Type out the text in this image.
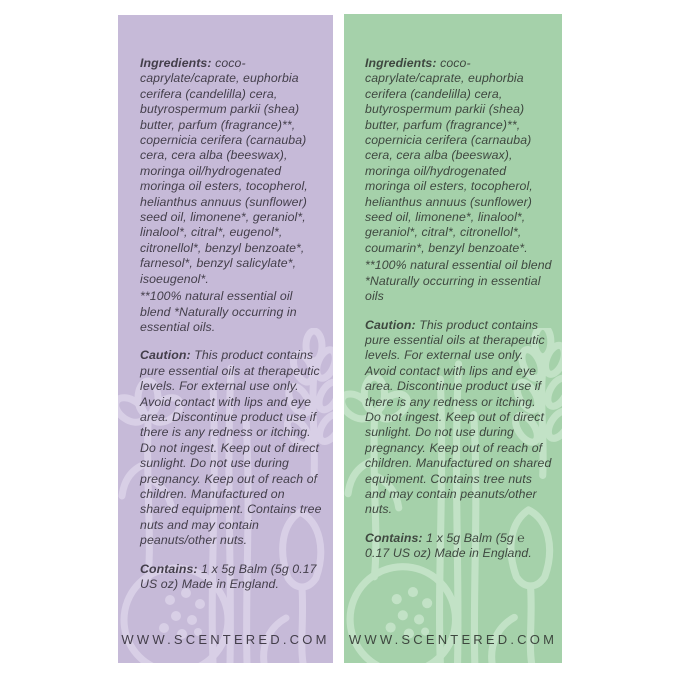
Ingredients: coco-caprylate/caprate, euphorbia cerifera (candelilla) cera, butyrospermum parkii (shea) butter, parfum (fragrance)**, copernicia cerifera (carnauba) cera, cera alba (beeswax), moringa oil/hydrogenated moringa oil esters, tocopherol, helianthus annuus (sunflower) seed oil, limonene*, geraniol*, linalool*, citral*, eugenol*, citronellol*, benzyl benzoate*, farnesol*, benzyl salicylate*, isoeugenol*.

**100% natural essential oil blend *Naturally occurring in essential oils.

Caution: This product contains pure essential oils at therapeutic levels. For external use only. Avoid contact with lips and eye area. Discontinue product use if there is any redness or itching. Do not ingest. Keep out of direct sunlight. Do not use during pregnancy. Keep out of reach of children. Manufactured on shared equipment. Contains tree nuts and may contain peanuts/other nuts.

Contains: 1 x 5g Balm (5g 0.17 US oz) Made in England.

WWW.SCENTERED.COM

Ingredients: coco-caprylate/caprate, euphorbia cerifera (candelilla) cera, butyrospermum parkii (shea) butter, parfum (fragrance)**, copernicia cerifera (carnauba) cera, cera alba (beeswax), moringa oil/hydrogenated moringa oil esters, tocopherol, helianthus annuus (sunflower) seed oil, limonene*, linalool*, geraniol*, citral*, citronellol*, coumarin*, benzyl benzoate*.

**100% natural essential oil blend *Naturally occurring in essential oils

Caution: This product contains pure essential oils at therapeutic levels. For external use only. Avoid contact with lips and eye area. Discontinue product use if there is any redness or itching. Do not ingest. Keep out of direct sunlight. Do not use during pregnancy. Keep out of reach of children. Manufactured on shared equipment. Contains tree nuts and may contain peanuts/other nuts.

Contains: 1 x 5g Balm (5g ℮ 0.17 US oz) Made in England.

WWW.SCENTERED.COM
